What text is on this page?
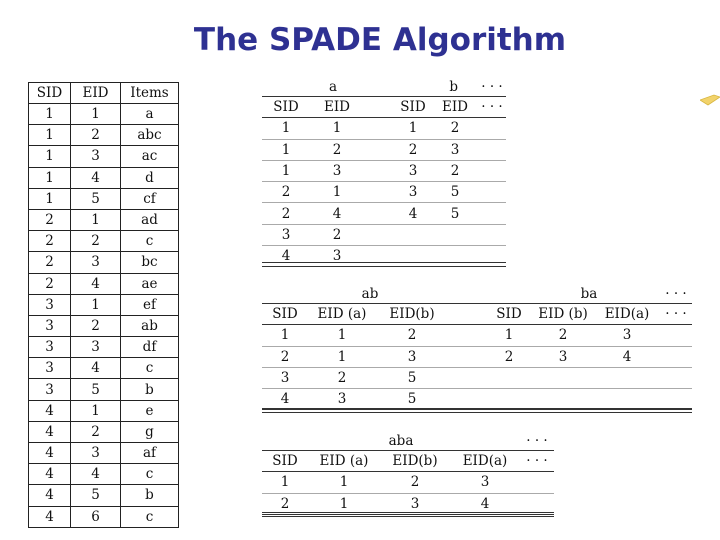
The SPADE Algorithm
SID	EID	Items
1	1	a
1	2	abc
1	3	ac
1	4	d
1	5	cf
2	1	ad
2	2	c
2	3	bc
2	4	ae
3	1	ef
3	2	ab
3	3	df
3	4	c
3	5	b
4	1	e
4	2	g
4	3	af
4	4	c
4	5	b
4	6	c
a		b			· · ·
SID	EID		SID	EID	· · ·
1	1		1	2	
1	2		2	3	
1	3		3	2	
2	1		3	5	
2	4		4	5	
3	2				
4	3				
ab			ba				· · ·
SID	EID (a)	EID(b)		SID	EID (b)	EID(a)	· · ·
1	1	2		1	2	3	
2	1	3		2	3	4	
3	2	5					
4	3	5					
aba				· · ·
SID	EID (a)	EID(b)	EID(a)	· · ·
1	1	2	3	
2	1	3	4	
